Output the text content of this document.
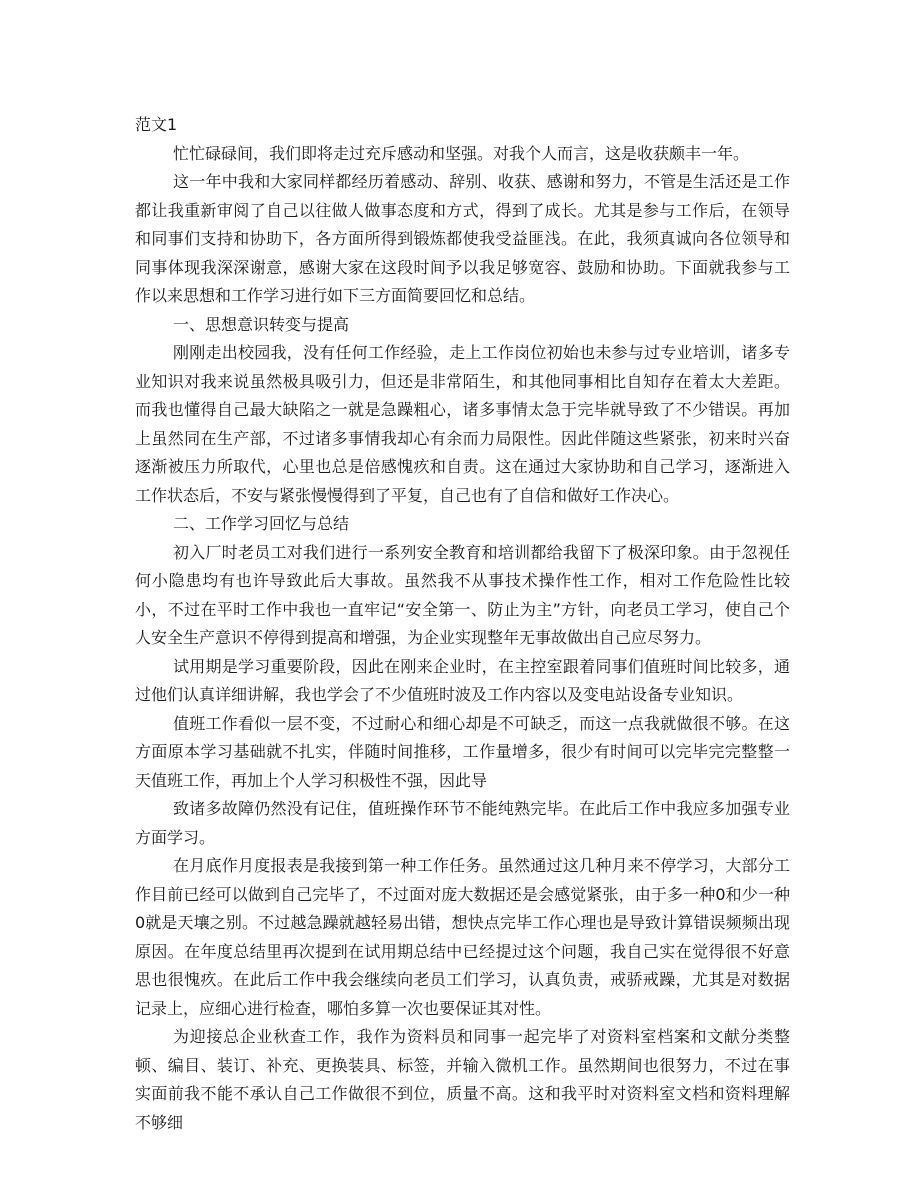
范文1

忙忙碌碌间，我们即将走过充斥感动和坚强。对我个人而言，这是收获颇丰一年。

这一年中我和大家同样都经历着感动、辞别、收获、感谢和努力，不管是生活还是工作都让我重新审阅了自己以往做人做事态度和方式，得到了成长。尤其是参与工作后，在领导和同事们支持和协助下，各方面所得到锻炼都使我受益匪浅。在此，我须真诚向各位领导和同事体现我深深谢意，感谢大家在这段时间予以我足够宽容、鼓励和协助。下面就我参与工作以来思想和工作学习进行如下三方面简要回忆和总结。

一、思想意识转变与提高

刚刚走出校园我，没有任何工作经验，走上工作岗位初始也未参与过专业培训，诸多专业知识对我来说虽然极具吸引力，但还是非常陌生，和其他同事相比自知存在着太大差距。而我也懂得自己最大缺陷之一就是急躁粗心，诸多事情太急于完毕就导致了不少错误。再加上虽然同在生产部，不过诸多事情我却心有余而力局限性。因此伴随这些紧张，初来时兴奋逐渐被压力所取代，心里也总是倍感愧疚和自责。这在通过大家协助和自己学习，逐渐进入工作状态后，不安与紧张慢慢得到了平复，自己也有了自信和做好工作决心。

二、工作学习回忆与总结

初入厂时老员工对我们进行一系列安全教育和培训都给我留下了极深印象。由于忽视任何小隐患均有也许导致此后大事故。虽然我不从事技术操作性工作，相对工作危险性比较小，不过在平时工作中我也一直牢记“安全第一、防止为主”方针，向老员工学习，使自己个人安全生产意识不停得到提高和增强，为企业实现整年无事故做出自己应尽努力。

试用期是学习重要阶段，因此在刚来企业时，在主控室跟着同事们值班时间比较多，通过他们认真详细讲解，我也学会了不少值班时波及工作内容以及变电站设备专业知识。

值班工作看似一层不变，不过耐心和细心却是不可缺乏，而这一点我就做很不够。在这方面原本学习基础就不扎实，伴随时间推移，工作量增多，很少有时间可以完毕完完整整一天值班工作，再加上个人学习积极性不强，因此导

致诸多故障仍然没有记住，值班操作环节不能纯熟完毕。在此后工作中我应多加强专业方面学习。

在月底作月度报表是我接到第一种工作任务。虽然通过这几种月来不停学习，大部分工作目前已经可以做到自己完毕了，不过面对庞大数据还是会感觉紧张，由于多一种0和少一种0就是天壤之别。不过越急躁就越轻易出错，想快点完毕工作心理也是导致计算错误频频出现原因。在年度总结里再次提到在试用期总结中已经提过这个问题，我自己实在觉得很不好意思也很愧疚。在此后工作中我会继续向老员工们学习，认真负责，戒骄戒躁，尤其是对数据记录上，应细心进行检查，哪怕多算一次也要保证其对性。

为迎接总企业秋查工作，我作为资料员和同事一起完毕了对资料室档案和文献分类整顿、编目、装订、补充、更换装具、标签，并输入微机工作。虽然期间也很努力，不过在事实面前我不能不承认自己工作做很不到位，质量不高。这和我平时对资料室文档和资料理解不够细
